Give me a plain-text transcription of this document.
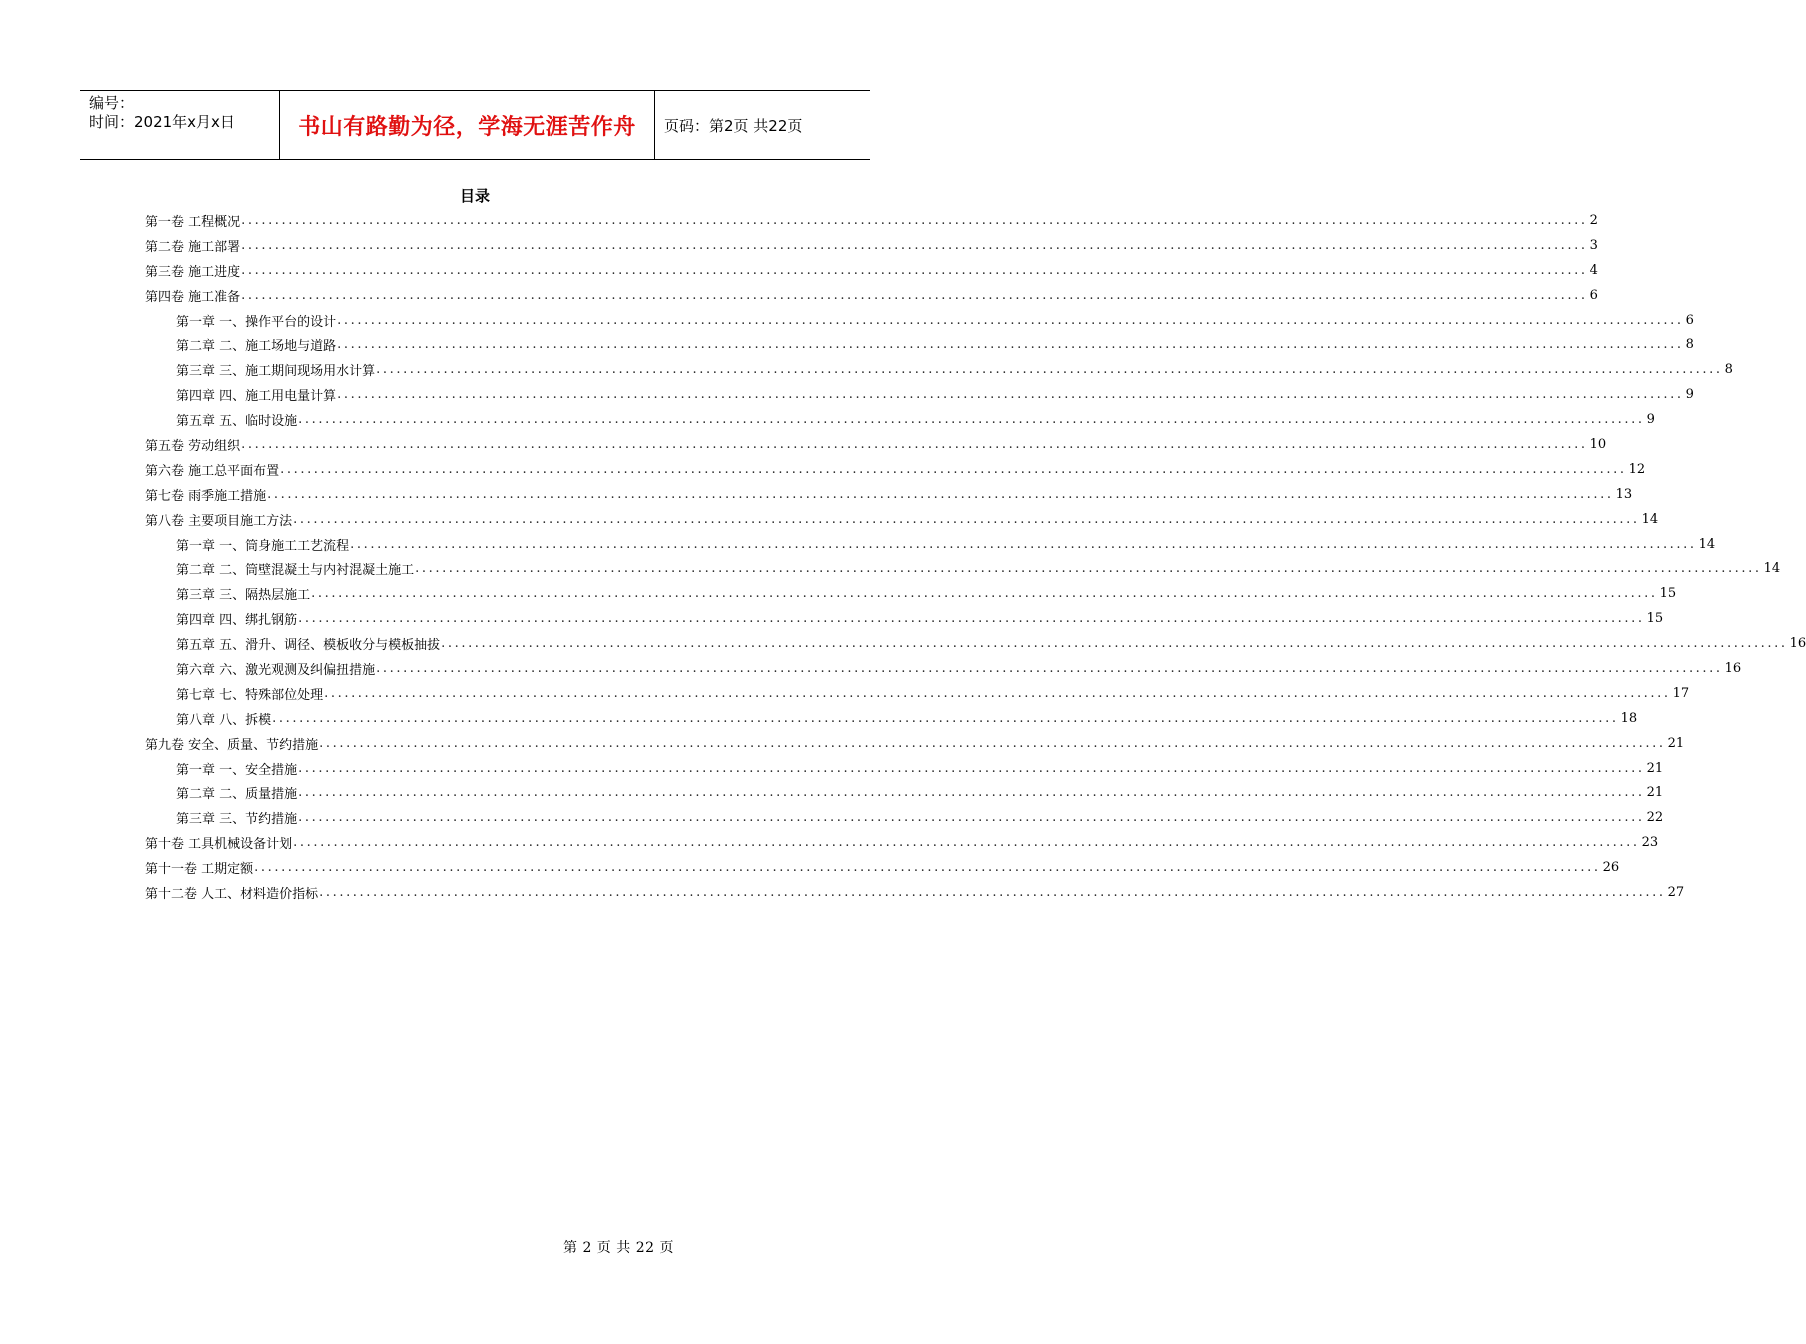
编号：
时间：2021年x月x日	书山有路勤为径，学海无涯苦作舟	页码：第2页 共22页
目录
第一卷 工程概况 ........................................................................................................................................................................................................ 2
第二卷 施工部署 ........................................................................................................................................................................................................ 3
第三卷 施工进度 ........................................................................................................................................................................................................ 4
第四卷 施工准备 ........................................................................................................................................................................................................ 6
第一章 一、操作平台的设计 ........................................................................................................................................................................................................ 6
第二章 二、施工场地与道路 ........................................................................................................................................................................................................ 8
第三章 三、施工期间现场用水计算 ........................................................................................................................................................................................................ 8
第四章 四、施工用电量计算 ........................................................................................................................................................................................................ 9
第五章 五、临时设施 ........................................................................................................................................................................................................ 9
第五卷 劳动组织 ........................................................................................................................................................................................................ 10
第六卷 施工总平面布置 ........................................................................................................................................................................................................ 12
第七卷 雨季施工措施 ........................................................................................................................................................................................................ 13
第八卷 主要项目施工方法 ........................................................................................................................................................................................................ 14
第一章 一、筒身施工工艺流程 ........................................................................................................................................................................................................ 14
第二章 二、筒壁混凝土与内衬混凝土施工 ........................................................................................................................................................................................................ 14
第三章 三、隔热层施工 ........................................................................................................................................................................................................ 15
第四章 四、绑扎钢筋 ........................................................................................................................................................................................................ 15
第五章 五、滑升、调径、模板收分与模板抽拔 ........................................................................................................................................................................................................ 16
第六章 六、激光观测及纠偏扭措施 ........................................................................................................................................................................................................ 16
第七章 七、特殊部位处理 ........................................................................................................................................................................................................ 17
第八章 八、拆模 ........................................................................................................................................................................................................ 18
第九卷 安全、质量、节约措施 ........................................................................................................................................................................................................ 21
第一章 一、安全措施 ........................................................................................................................................................................................................ 21
第二章 二、质量措施 ........................................................................................................................................................................................................ 21
第三章 三、节约措施 ........................................................................................................................................................................................................ 22
第十卷 工具机械设备计划 ........................................................................................................................................................................................................ 23
第十一卷 工期定额 ........................................................................................................................................................................................................ 26
第十二卷 人工、材料造价指标 ........................................................................................................................................................................................................ 27
第 2 页 共 22 页
